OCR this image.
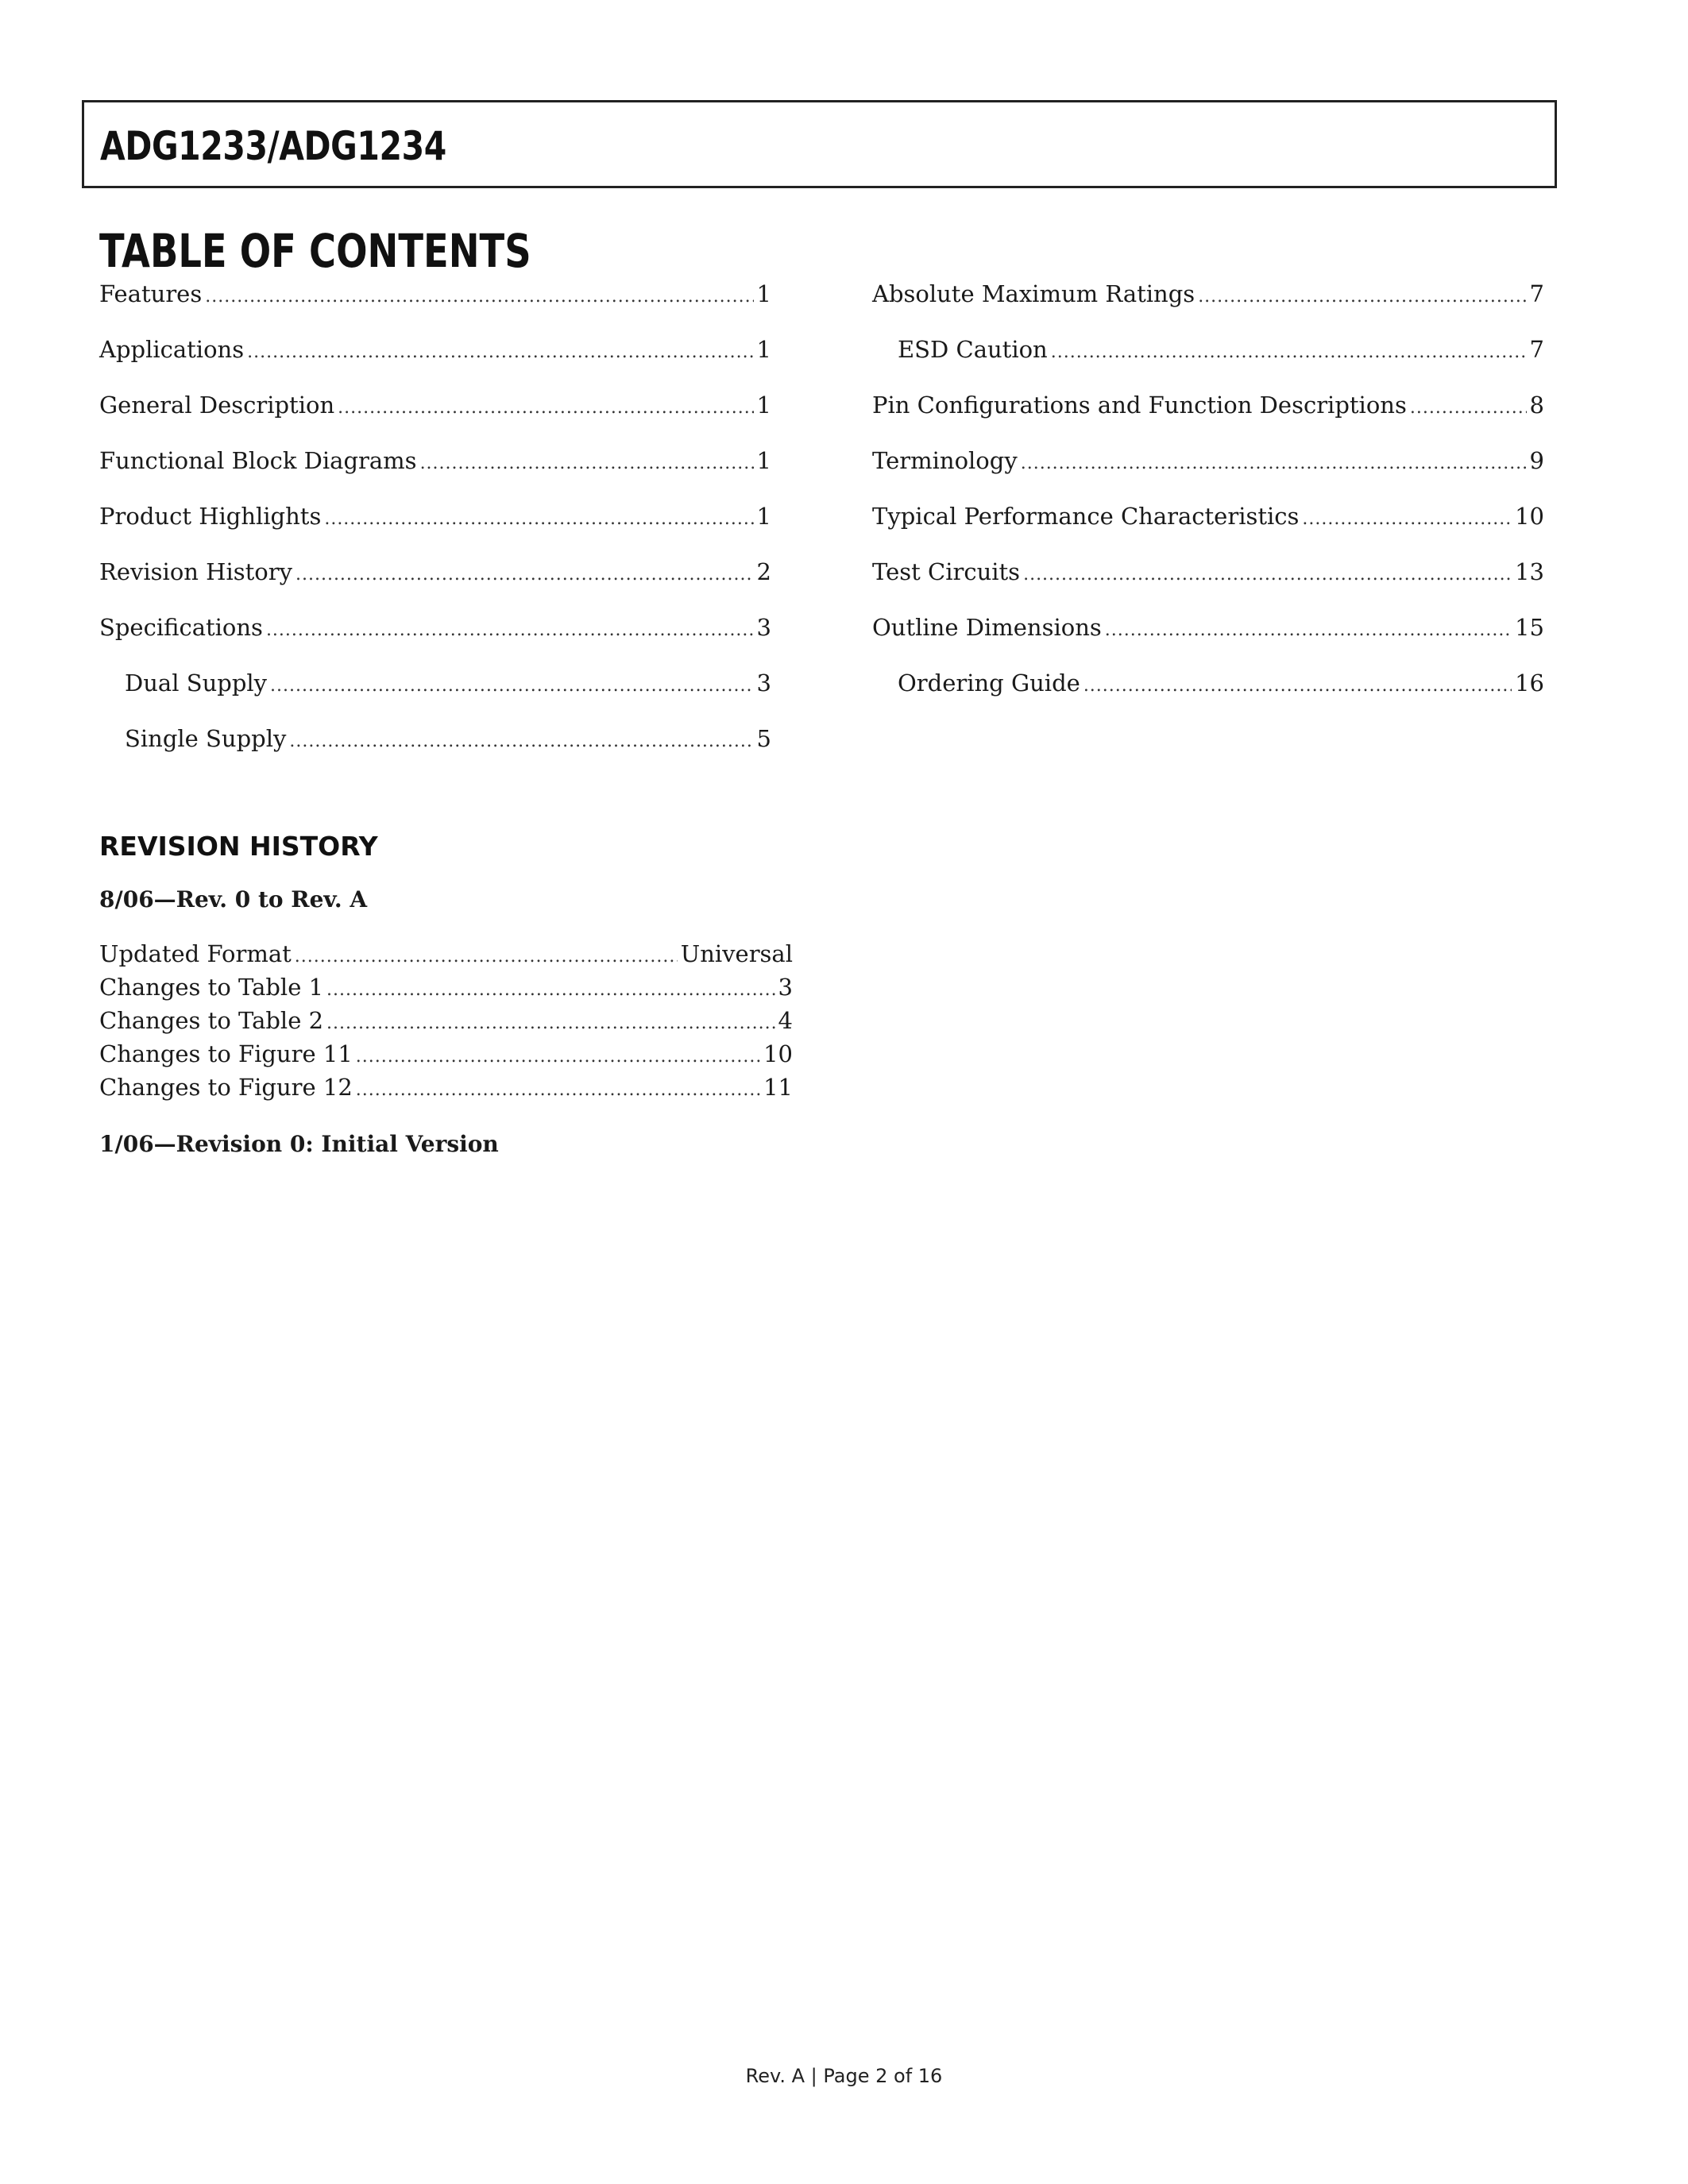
ADG1233/ADG1234
TABLE OF CONTENTS
Features .....	1
Applications .....	1
General Description .....	1
Functional Block Diagrams .....	1
Product Highlights .....	1
Revision History .....	2
Specifications .....	3
Dual Supply .....	3
Single Supply .....	5
Absolute Maximum Ratings .....	7
ESD Caution .....	7
Pin Configurations and Function Descriptions .....	8
Terminology .....	9
Typical Performance Characteristics .....	10
Test Circuits .....	13
Outline Dimensions .....	15
Ordering Guide .....	16
REVISION HISTORY
8/06—Rev. 0 to Rev. A
Updated Format .....	Universal
Changes to Table 1 .....	3
Changes to Table 2 .....	4
Changes to Figure 11 .....	10
Changes to Figure 12 .....	11
1/06—Revision 0: Initial Version
Rev. A | Page 2 of 16
